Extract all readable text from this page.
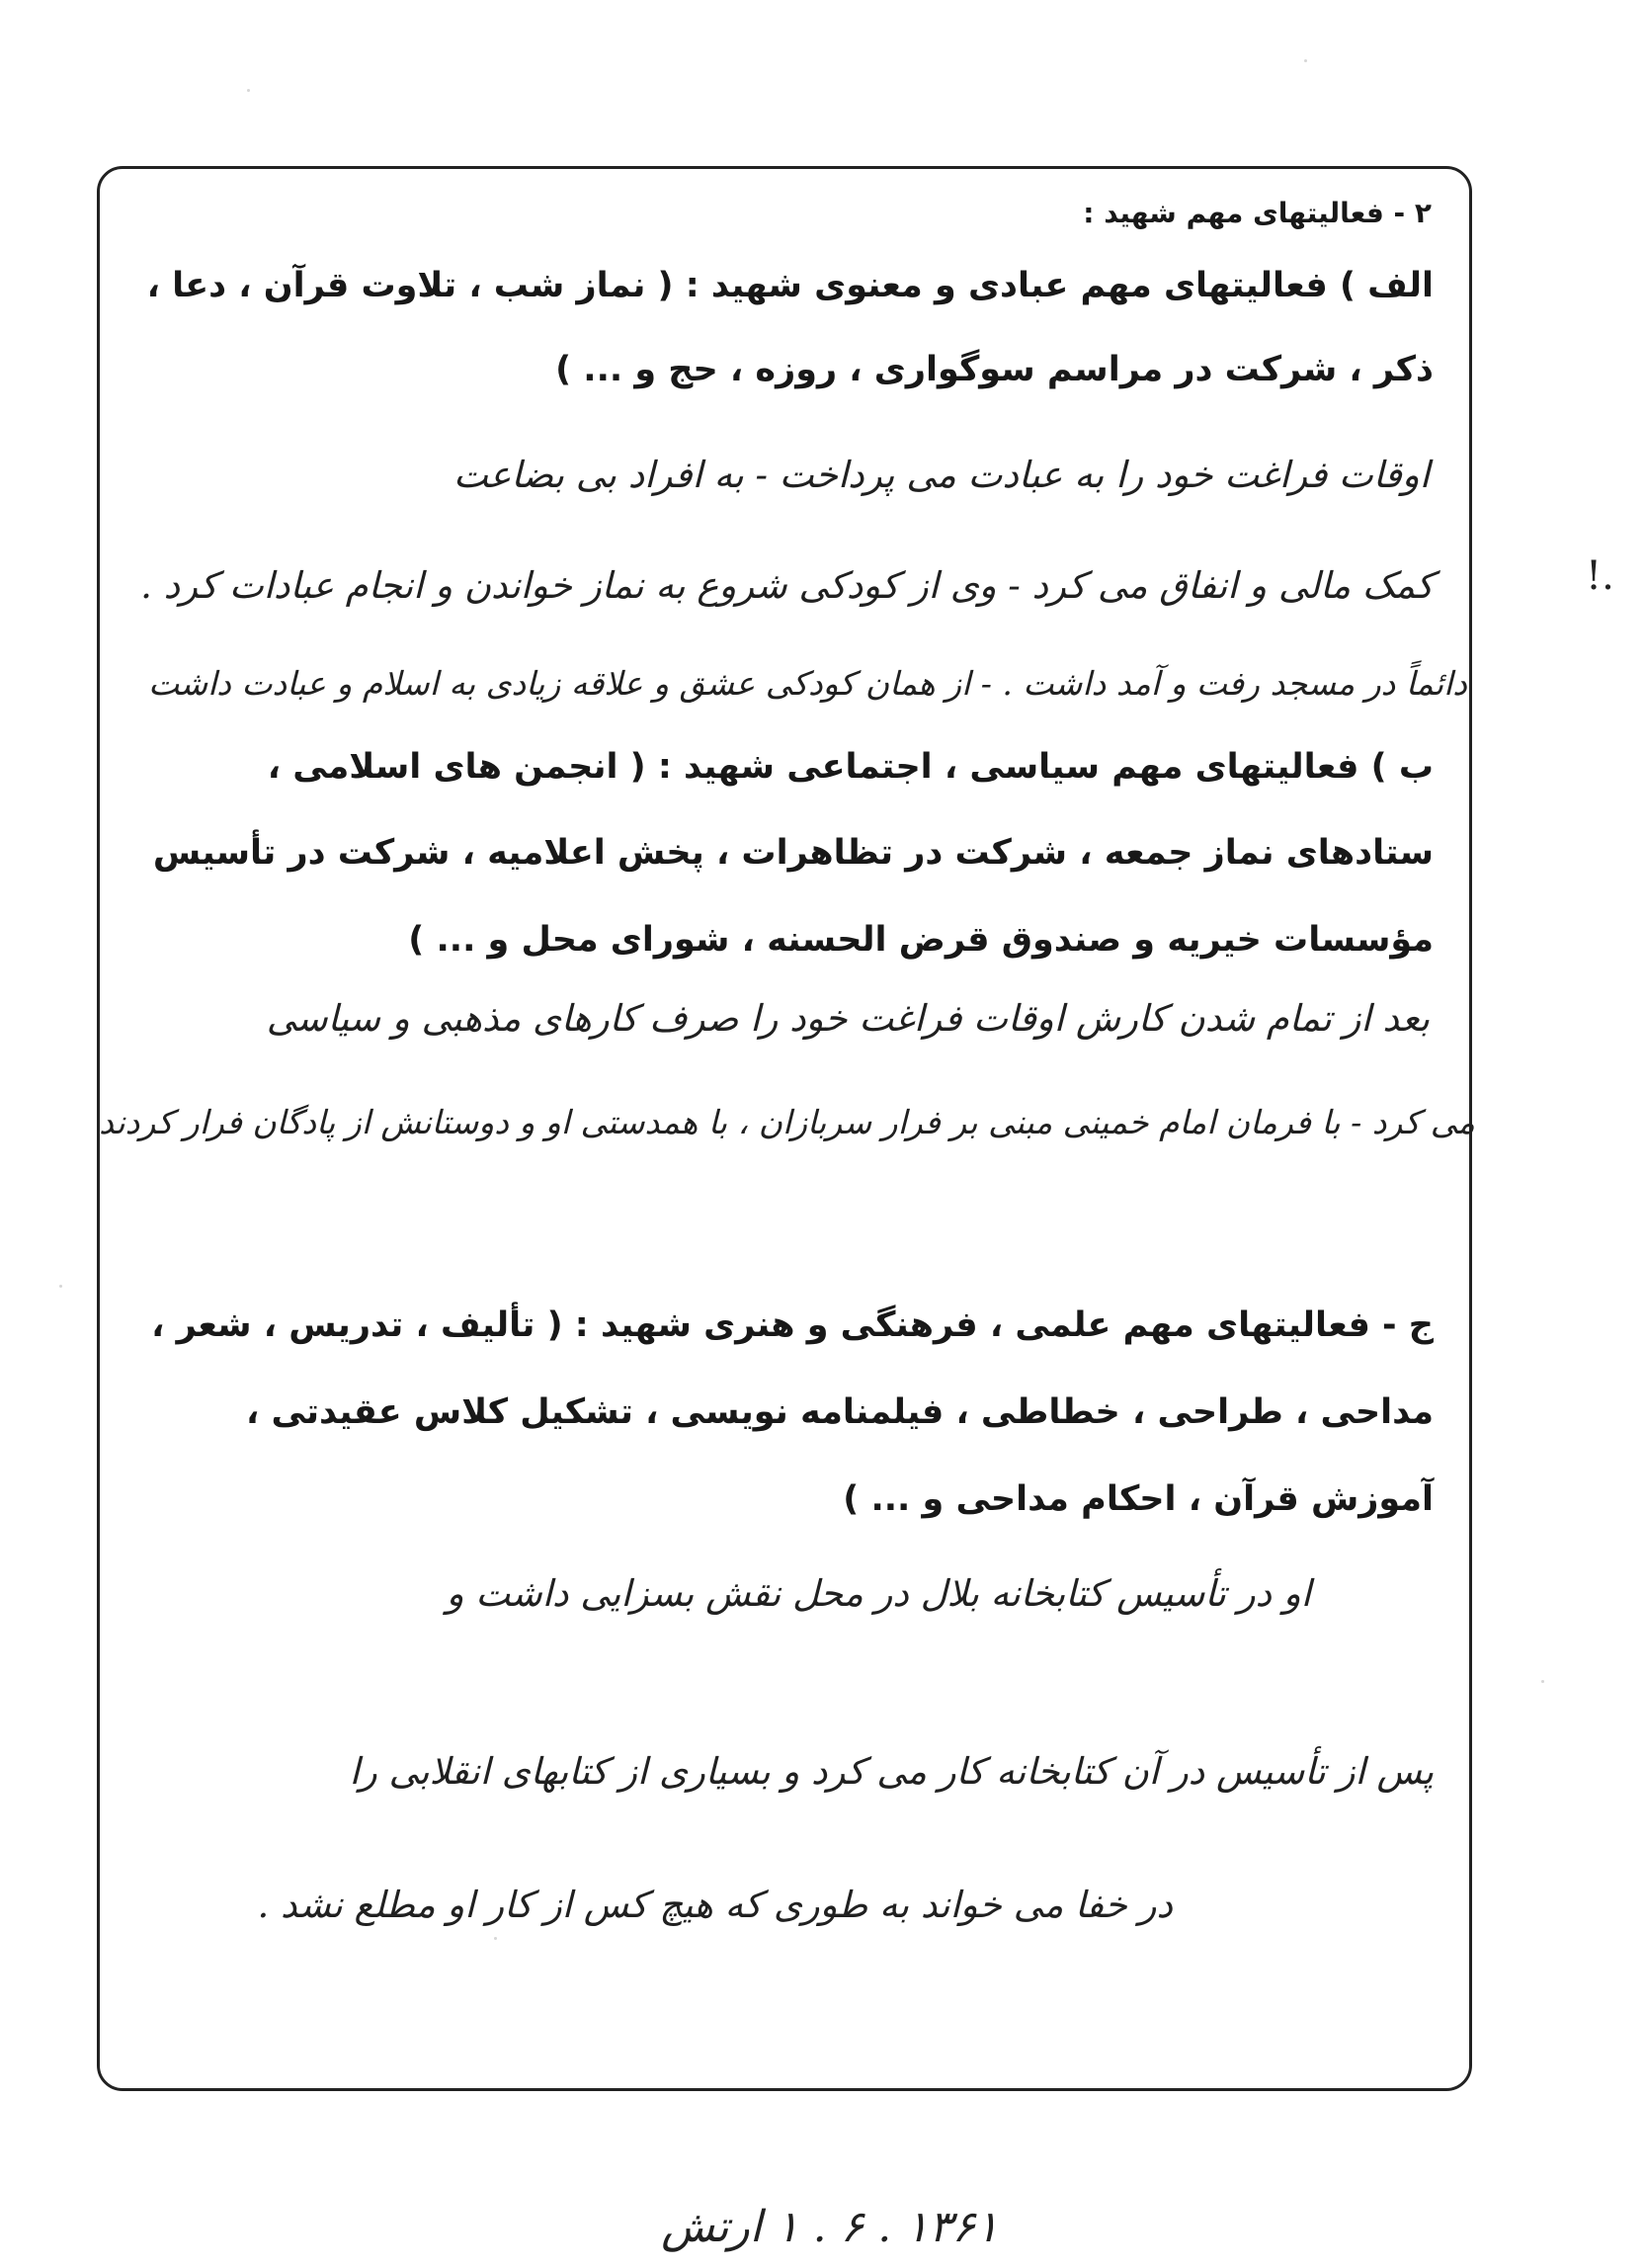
!.
۲ - فعالیتهای مهم شهید :
الف ) فعالیتهای مهم عبادی و معنوی شهید : ( نماز شب ، تلاوت قرآن ، دعا ،
ذکر ، شرکت در مراسم سوگواری ، روزه ، حج و ... )
اوقات فراغت خود را به عبادت می پرداخت - به افراد بی بضاعت
کمک مالی و انفاق می کرد - وی از کودکی شروع به نماز خواندن و انجام عبادات کرد .
ب ) فعالیتهای مهم سیاسی ، اجتماعی شهید : ( انجمن های اسلامی ،
ستادهای نماز جمعه ، شرکت در تظاهرات ، پخش اعلامیه ، شرکت در تأسیس
مؤسسات خیریه و صندوق قرض الحسنه ، شورای محل و ... )
بعد از تمام شدن کارش اوقات فراغت خود را صرف کارهای مذهبی و سیاسی
ج - فعالیتهای مهم علمی ، فرهنگی و هنری شهید : ( تألیف ، تدریس ، شعر ،
مداحی ، طراحی ، خطاطی ، فیلمنامه نویسی ، تشکیل کلاس عقیدتی ،
آموزش قرآن ، احکام مداحی و ... )
او در تأسیس کتابخانه بلال در محل نقش بسزایی داشت و
پس از تأسیس در آن کتابخانه کار می کرد و بسیاری از کتابهای انقلابی را
در خفا می خواند به طوری که هیچ کس از کار او مطلع نشد .
دائماً در مسجد رفت و آمد داشت . - از همان کودکی عشق و علاقه زیادی به اسلام و عبادت داشت
می کرد - با فرمان امام خمینی مبنی بر فرار سربازان ، با همدستی او و دوستانش از پادگان فرار کردند
۱۳۶۱ . ۶ . ۱ ارتش
